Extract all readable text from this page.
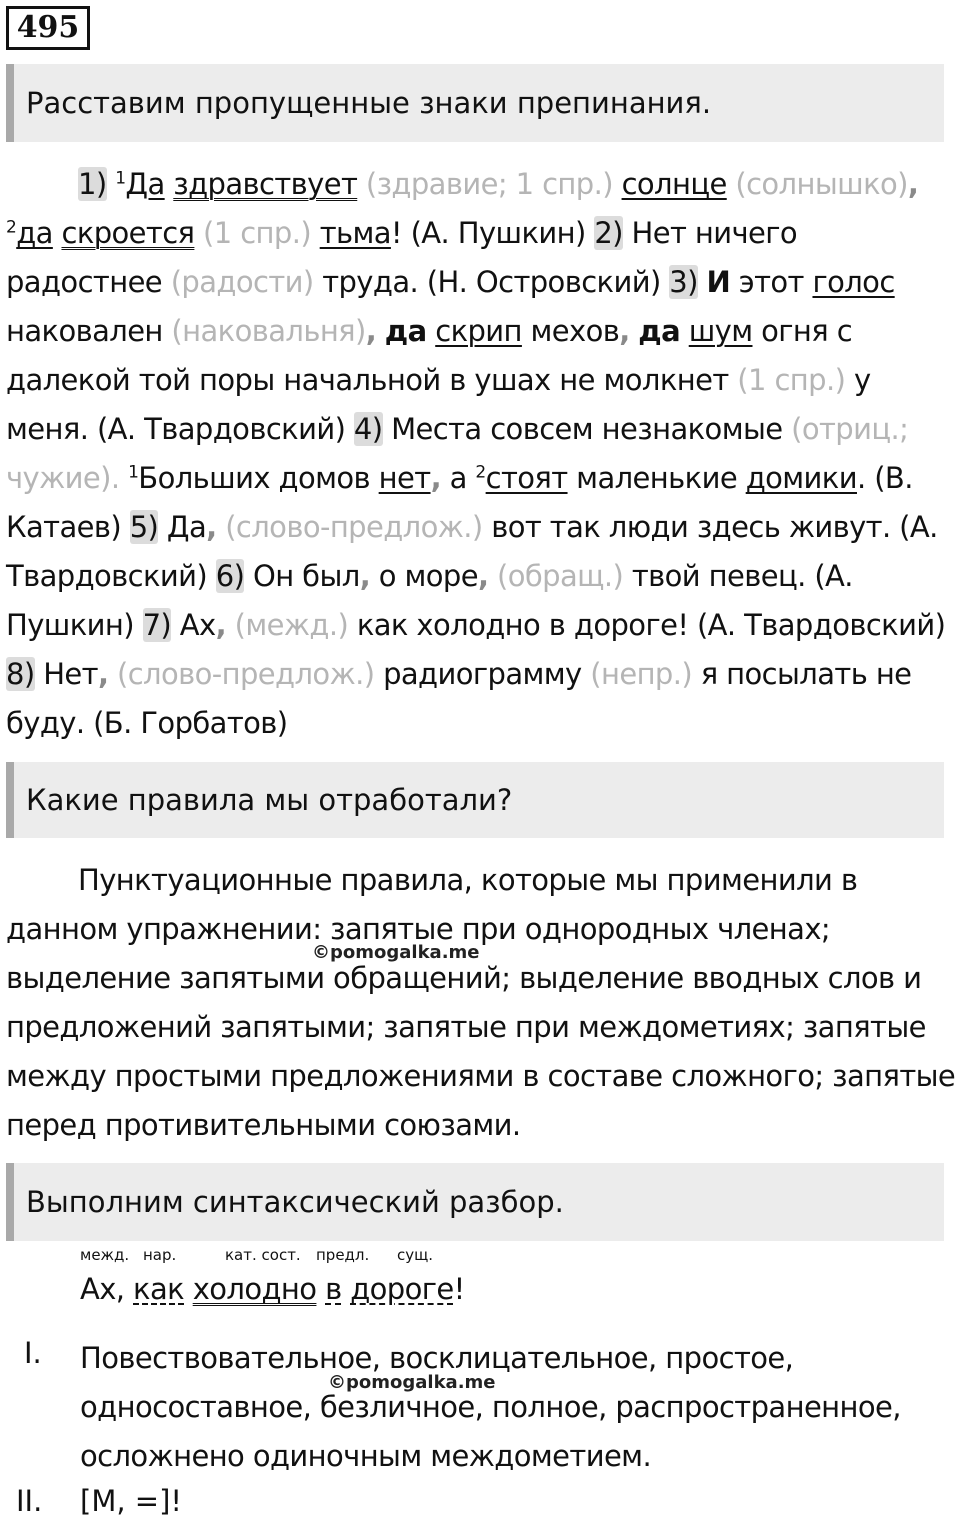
495
Расставим пропущенные знаки препинания.

1) $^1$Да здравствует (здравие; 1 спр.) солнце (солнышко), $^2$да скроется (1 спр.) тьма! (А. Пушкин) 2) Нет ничего радостнее (радости) труда. (Н. Островский) 3) И этот голос наковален (наковальня), да скрип мехов, да шум огня с далекой той поры начальной в ушах не молкнет (1 спр.) у меня. (А. Твардовский) 4) Места совсем незнакомые (отриц.; чужие). $^1$Больших домов нет, а $^2$стоят маленькие домики. (В. Катаев) 5) Да, (слово-предлож.) вот так люди здесь живут. (А. Твардовский) 6) Он был, о море, (обращ.) твой певец. (А. Пушкин) 7) Ах, (межд.) как холодно в дороге! (А. Твардовский) 8) Нет, (слово-предлож.) радиограмму (непр.) я посылать не буду. (Б. Горбатов)

Какие правила мы отработали?

Пунктуационные правила, которые мы применили в данном упражнении: запятые при однородных членах; выделение запятыми обращений; выделение вводных слов и предложений запятыми; запятые при междометиях; запятые между простыми предложениями в составе сложного; запятые перед противительными союзами.

©pomogalka.me
Выполним синтаксический разбор.
межд. нар.	кат. сост. предл. сущ.
Ах, как холодно в дороге!
I. Повествовательное, восклицательное, простое, односоставное, безличное, полное, распространенное, осложнено одиночным междометием.
©pomogalka.me
II. [М, =]!
